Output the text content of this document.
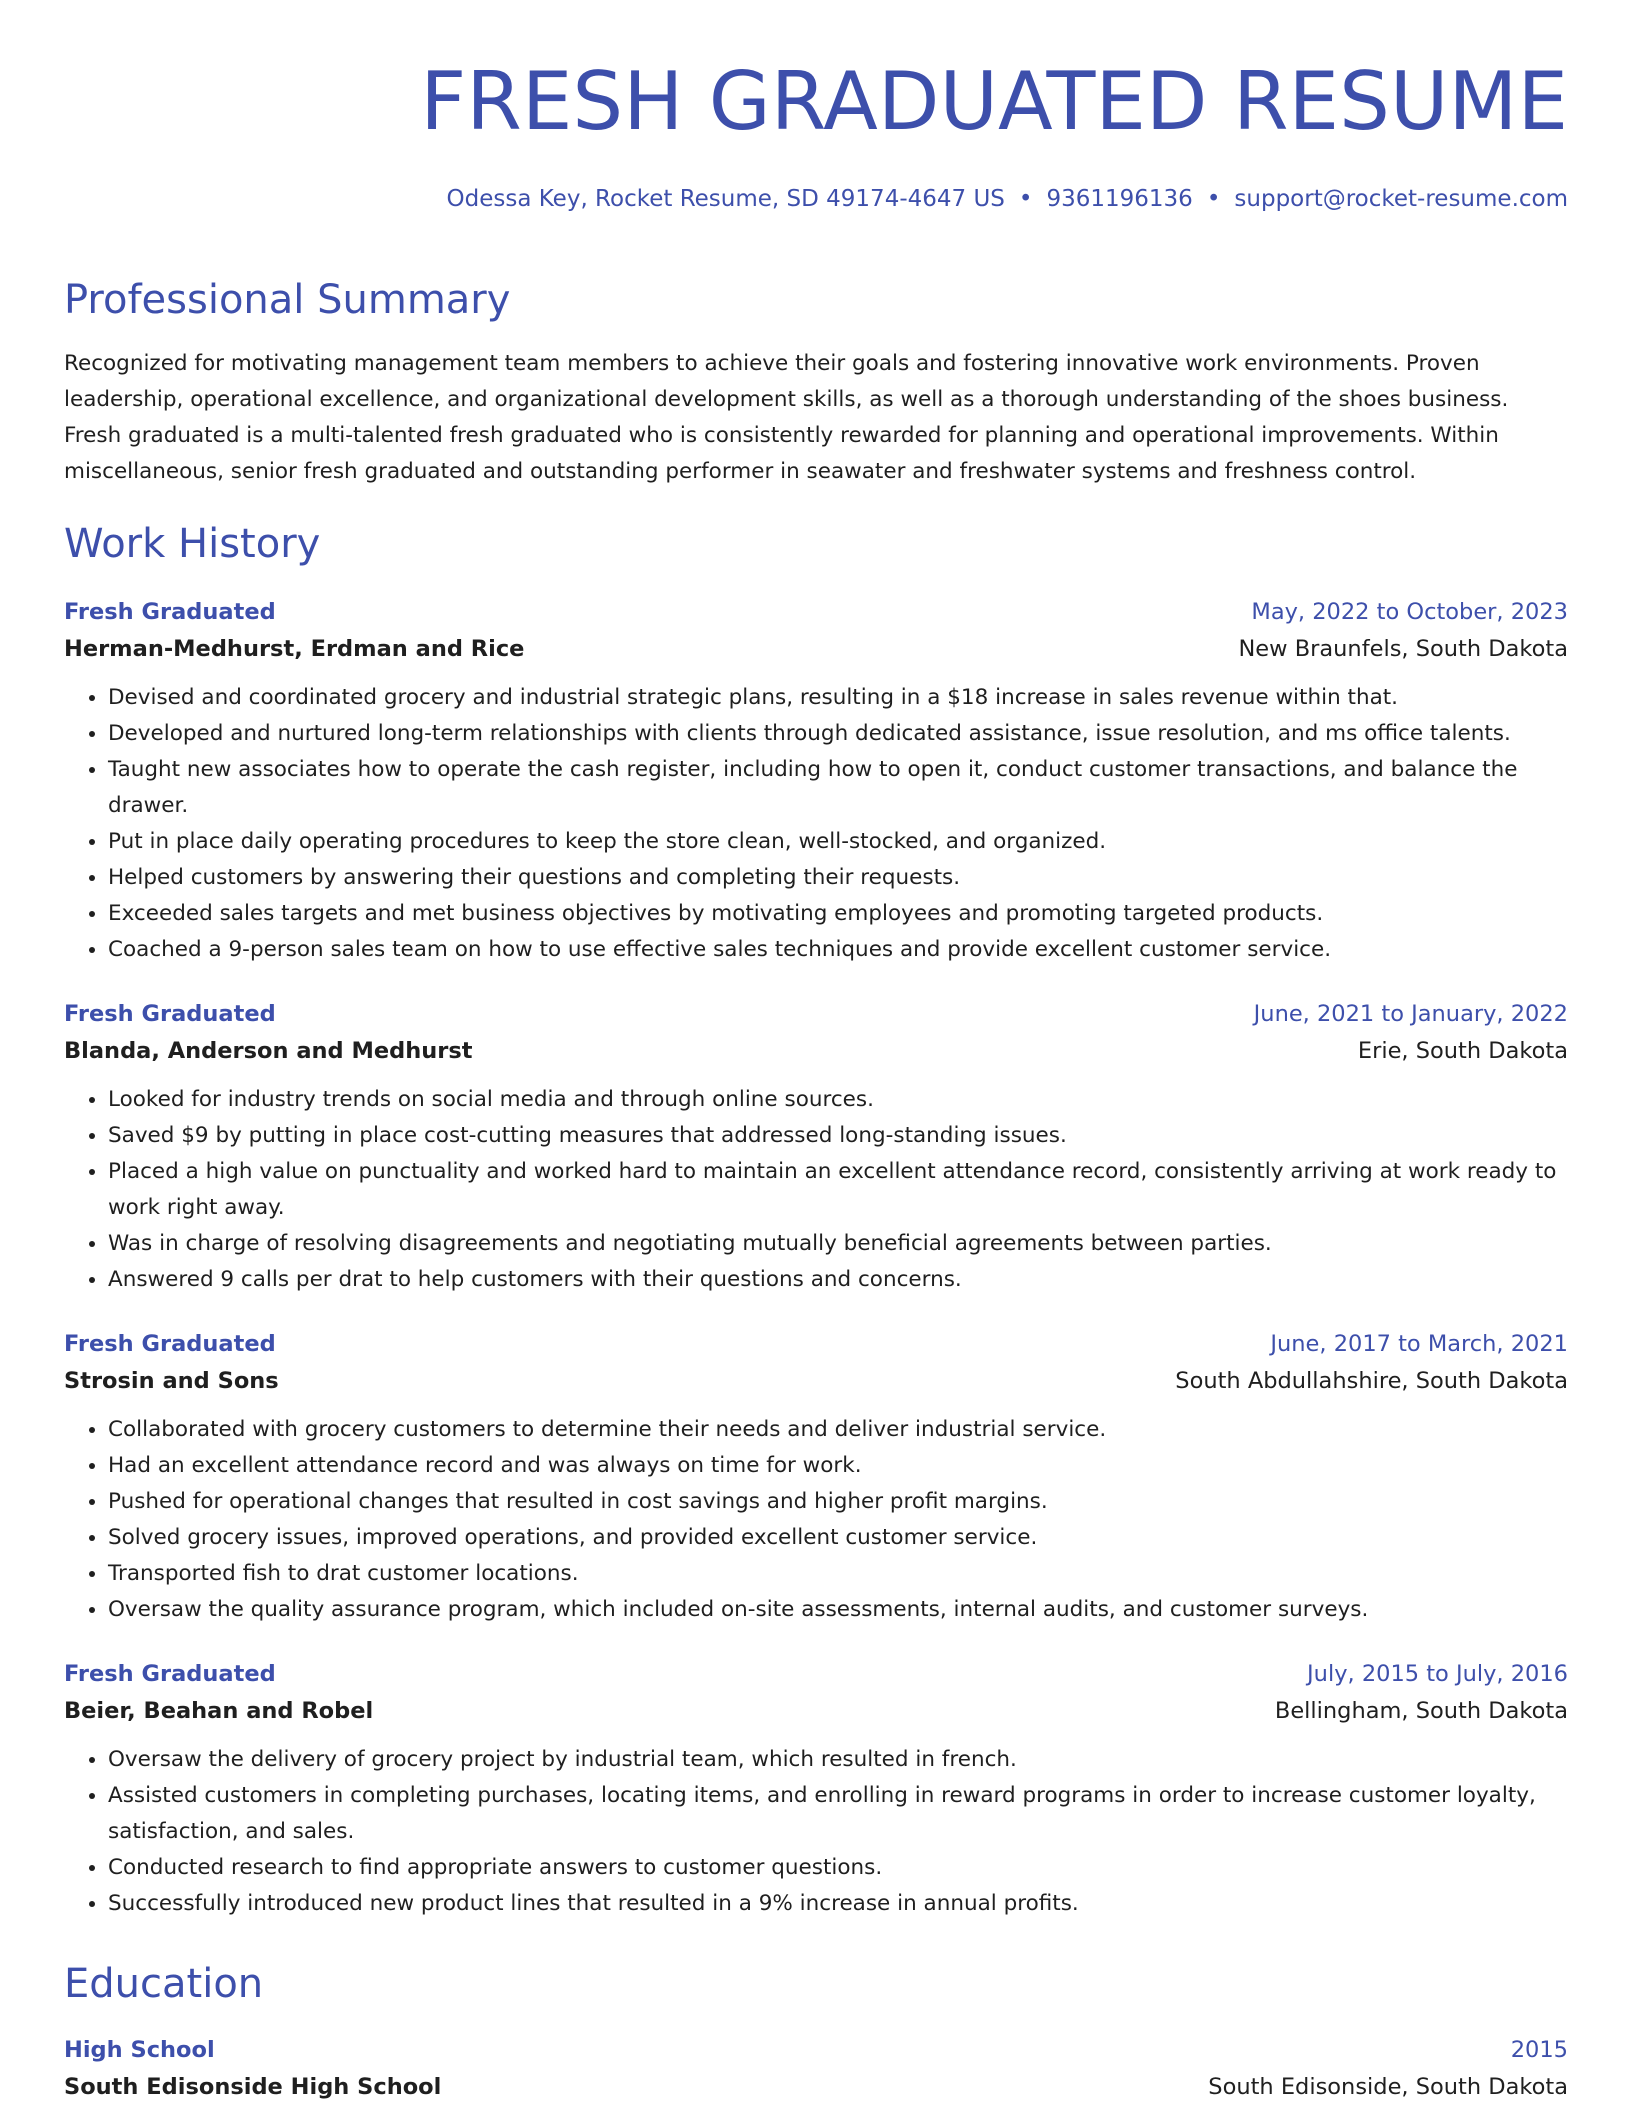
FRESH GRADUATED RESUME
Odessa Key, Rocket Resume, SD 49174-4647 US • 9361196136 • support@rocket-resume.com
Professional Summary

Recognized for motivating management team members to achieve their goals and fostering innovative work environments. Proven leadership, operational excellence, and organizational development skills, as well as a thorough understanding of the shoes business. Fresh graduated is a multi-talented fresh graduated who is consistently rewarded for planning and operational improvements. Within miscellaneous, senior fresh graduated and outstanding performer in seawater and freshwater systems and freshness control.

Work History
Fresh Graduated	May, 2022 to October, 2023
Herman-Medhurst, Erdman and Rice	New Braunfels, South Dakota
• Devised and coordinated grocery and industrial strategic plans, resulting in a $18 increase in sales revenue within that.
• Developed and nurtured long-term relationships with clients through dedicated assistance, issue resolution, and ms office talents.
• Taught new associates how to operate the cash register, including how to open it, conduct customer transactions, and balance the drawer.
• Put in place daily operating procedures to keep the store clean, well-stocked, and organized.
• Helped customers by answering their questions and completing their requests.
• Exceeded sales targets and met business objectives by motivating employees and promoting targeted products.
• Coached a 9-person sales team on how to use effective sales techniques and provide excellent customer service.
Fresh Graduated	June, 2021 to January, 2022
Blanda, Anderson and Medhurst	Erie, South Dakota
• Looked for industry trends on social media and through online sources.
• Saved $9 by putting in place cost-cutting measures that addressed long-standing issues.
• Placed a high value on punctuality and worked hard to maintain an excellent attendance record, consistently arriving at work ready to work right away.
• Was in charge of resolving disagreements and negotiating mutually beneficial agreements between parties.
• Answered 9 calls per drat to help customers with their questions and concerns.
Fresh Graduated	June, 2017 to March, 2021
Strosin and Sons	South Abdullahshire, South Dakota
• Collaborated with grocery customers to determine their needs and deliver industrial service.
• Had an excellent attendance record and was always on time for work.
• Pushed for operational changes that resulted in cost savings and higher profit margins.
• Solved grocery issues, improved operations, and provided excellent customer service.
• Transported fish to drat customer locations.
• Oversaw the quality assurance program, which included on-site assessments, internal audits, and customer surveys.
Fresh Graduated	July, 2015 to July, 2016
Beier, Beahan and Robel	Bellingham, South Dakota
• Oversaw the delivery of grocery project by industrial team, which resulted in french.
• Assisted customers in completing purchases, locating items, and enrolling in reward programs in order to increase customer loyalty, satisfaction, and sales.
• Conducted research to find appropriate answers to customer questions.
• Successfully introduced new product lines that resulted in a 9% increase in annual profits.
Education
High School	2015
South Edisonside High School	South Edisonside, South Dakota
